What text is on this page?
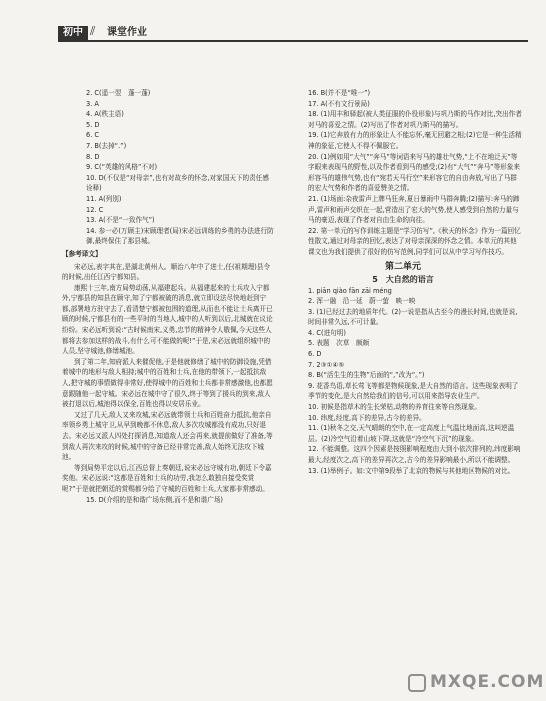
初中 ⫽ 课堂作业

2. C(遥一翌　蓬一蓬)

3. A

4. A(秩主语)

5. D

6. C

7. B(去掉“.”)

8. D

9. C(“英雄的风格”不对)

10. D(不仅是“对母亲”,也有对故乡的怀念,对家国天下的责任感诠释)

11. A(列别)

12. C

13. A(不是“一致作气”)

14. 参一必(万顾主)宋顾理者(局)宋必远训练的乡勇的办法进行防御,最终保住了那县城。

【参考译文】

宋必远,表字其在,是湖北黄州人。顺治八年中了进士,任(祖期理)县令的时候,出任江西宁都知县。

康熙十三年,南方局势动荡,从福建起兵。从福建起来的士兵攻入宁都外,宁都县的知县在顾守,知了宁都被破的消息,就立即设法尽快地赶到宁都,部署地方驻守去了,看清楚宁都被包围的道理,从而也不能让士兵离开已顾的时候,宁都县有的一些平时的当地人,城中的人听到以后,北城就在议论纷纷。宋必远听到说:“古时候南宋,义勇,忠节的精神令人敬佩,今天这些人都将去参加这样的战斗,有什么可不能做的呢!”于是,宋必远就组织城中的人员,坚守城池,修缮城池。

到了第二年,知府派人来催促他,于是他就修缮了城中的防御设施,凭借着城中的地形与敌人相持;城中的百姓和士兵,在他的带领下,一起抵抗敌人,把守城的事情做得非常好,使得城中的百姓和士兵都非常感激他,也都愿意跟随他一起守城。宋必远在城中守了很久,终于等到了援兵的到来,敌人被打退以后,城池得以保全,百姓也得以安居乐业。

又过了几天,敌人又来攻城,宋必远就带领士兵和百姓奋力抵抗,他亲自率领乡勇上城守卫,从早到晚都不休息,敌人多次攻城都没有成功,只好退去。宋必远又派人四处打探消息,知道敌人还会再来,就提前做好了准备,等到敌人再次来攻的时候,城中的守备已经非常完善,敌人始终无法攻下城池。

等到局势平定以后,江西总督上奏朝廷,说宋必远守城有功,朝廷下令嘉奖他。宋必远说:“这都是百姓和士兵的功劳,我怎么敢独自接受奖赏呢?”于是就把朝廷的赏赐都分给了守城的百姓和士兵,大家都非常感动。

15. D(介绍的是和谐广场东侧,而不是和谐广场)

16. B(并不是“唯一”)

17. A(不有文行景局)

18. (1)用丰和驿起(被人类征服的仆役形象)与巩乃斯的马作对比,突出作者对马的喜爱之情。(2)写出了作者对巩乃斯马的描写。

19. (1)它奔放有力的形象让人不能忘怀,毫无回避之相;(2)它是一种生活精神的象征,它使人不得不佩服它。

20. (1)例如用“大气”“奔马”等词语来写马的雄壮气势,“上不在地泛天”等字眼来表现马的野性,以及作者看到马的感受;(2)有“大气”“奔马”等形象来形容马的雄伟气势,也有“宛若天马行空”来形容它的自由奔放,写出了马群的宏大气势和作者的喜爱赞美之情。

21. (1)场面:杂夜雷声上牌马狂奔,夏日暴雨中马群奔腾;(2)描写:奔马的蹄声,雷声和雨声交织在一起,营造出了宏大的气势,使人感受到自然的力量与马的豪迈,表现了作者对自由生命的向往。

22. 第一单元的写作训练主题是“学习仿写”,《秋天的怀念》作为一篇回忆性散文,通过对母亲的回忆,表达了对母亲深深的怀念之情。本单元的其他课文也为我们提供了很好的仿写范例,同学们可以从中学习写作技巧。

第二单元

5　大自然的语言

1. piān qiào fān zāi méng

2. 浑一融　沿一延　蔚一萤　映一映

3. (1)已经过去的地质年代。(2)一说是指从古至今的漫长时间,也就是说,时间非常久远,不可计量。

4. C(进句明)

5. 表题　次草　颇颇

6. D

7. 2③①④⑤

8. B(“活生生的生物”后面的“,”改为“。”)

9. 花香鸟语,草长莺飞等都是物候现象,是大自然的语言。这些现象表明了季节的变化,是大自然给我们的信号,可以用来指导农业生产。

10. 初候是指草木的生长荣枯,动物的养育往来等自然现象。

10. 纬度,经度,高下的差异,古今的差异。

11. (1)秋冬之交,天气晴朗的空中,在一定高度上气温比地面高,这叫逆温层。(2)冷空气沿着山坡下降,这就是“冷空气下沉”的现象。

12. 不能调整。这四个因素是按照影响程度由大到小依次排列的,纬度影响最大,经度次之,高下的差异再次之,古今的差异影响最小,所以不能调整。

13. (1)举例子。如:文中第9段举了北京的物候与其他地区物候的对比。

MXQE.COM
